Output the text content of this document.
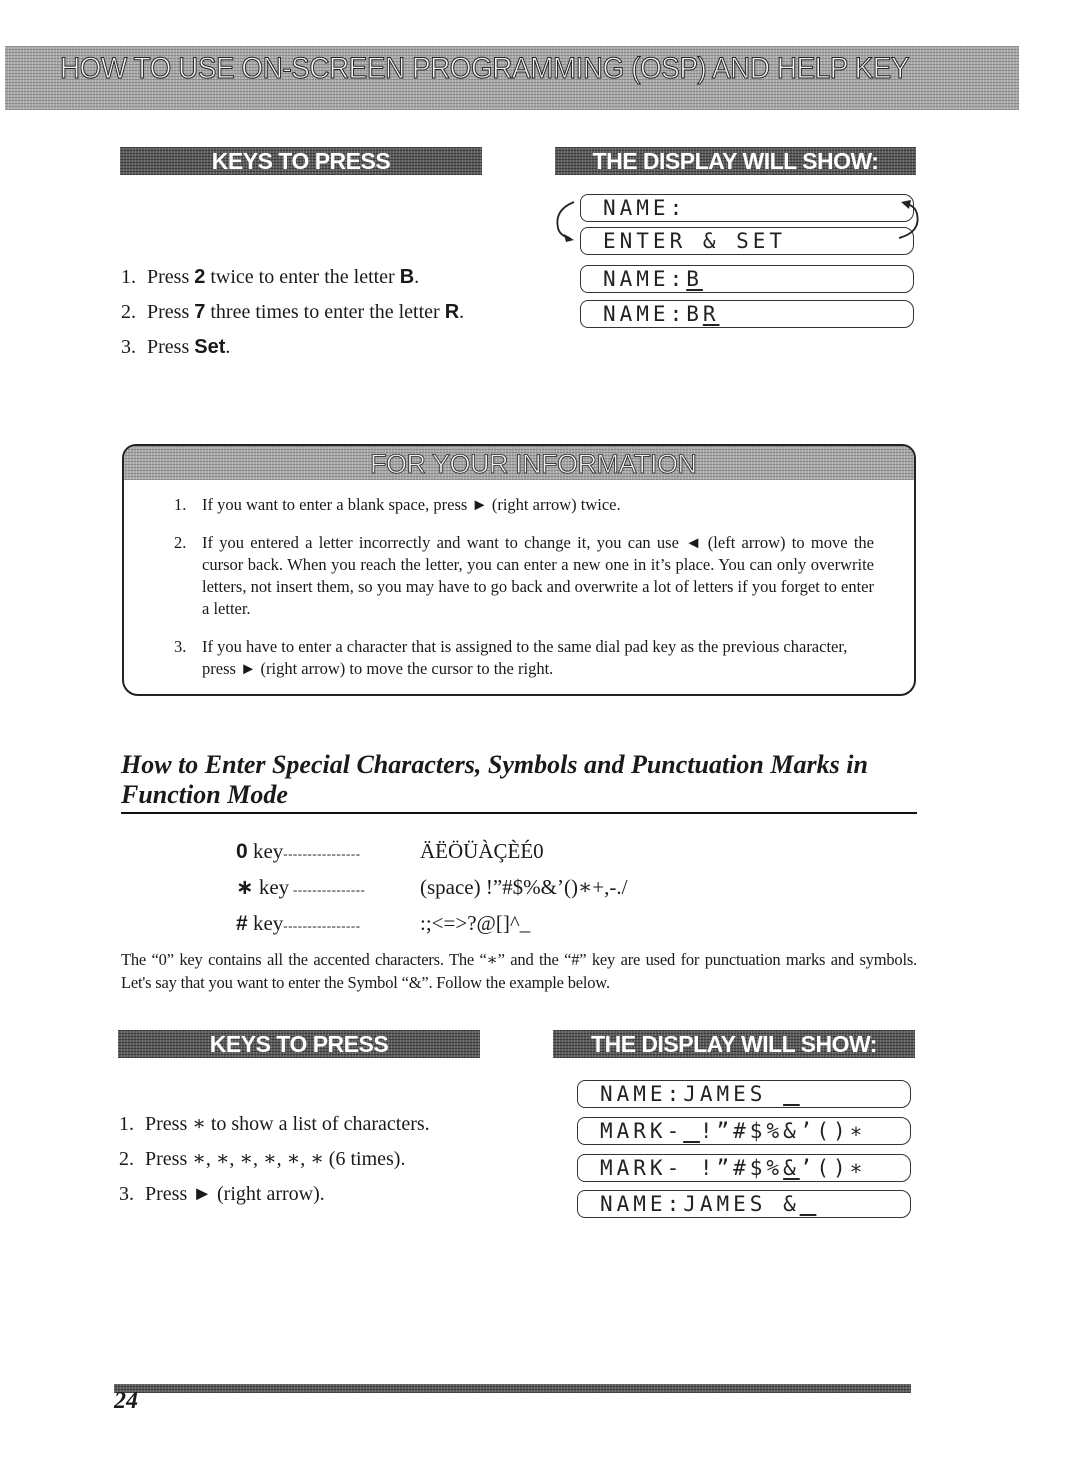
HOW TO USE ON-SCREEN PROGRAMMING (OSP) AND HELP KEY
KEYS TO PRESS	THE DISPLAY WILL SHOW:
1. Press 2 twice to enter the letter B.
2. Press 7 three times to enter the letter R.
3. Press Set.
NAME:
ENTER & SET
NAME:B
NAME:BR
FOR YOUR INFORMATION
1. If you want to enter a blank space, press ► (right arrow) twice.
2. If you entered a letter incorrectly and want to change it, you can use ◄ (left arrow) to move the cursor back. When you reach the letter, you can enter a new one in it’s place. You can only overwrite letters, not insert them, so you may have to go back and overwrite a lot of letters if you forget to enter a letter.
3. If you have to enter a character that is assigned to the same dial pad key as the previous character, press ► (right arrow) to move the cursor to the right.
How to Enter Special Characters, Symbols and Punctuation Marks in Function Mode
0 key----------------	ÄËÖÜÀÇÈÉ0
∗ key ---------------	(space) !”#$%&’()∗+,-./
# key----------------	:;<=>?@[]^_
The “0” key contains all the accented characters. The “∗” and the “#” key are used for punctuation marks and symbols. Let's say that you want to enter the Symbol “&”. Follow the example below.
KEYS TO PRESS	THE DISPLAY WILL SHOW:
1. Press ∗ to show a list of characters.
2. Press ∗, ∗, ∗, ∗, ∗, ∗ (6 times).
3. Press ► (right arrow).
NAME:JAMES _
MARK-_!”#$%&’()∗
MARK- !”#$%&’()∗
NAME:JAMES &_
24
